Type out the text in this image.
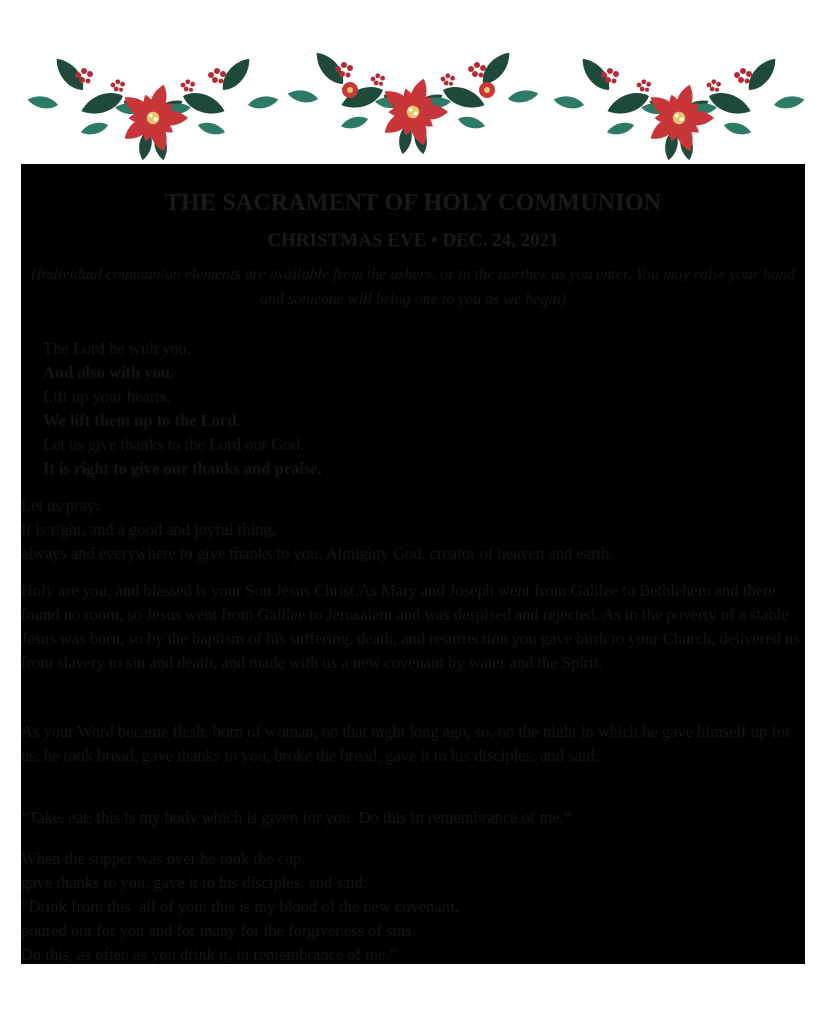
THE SACRAMENT OF HOLY COMMUNION
CHRISTMAS EVE • DEC. 24, 2021

(Individual communion elements are available from the ushers, or in the narthex as you enter. You may raise your hand and someone will bring one to you as we begin)

The Lord be with you.

And also with you.

Lift up your hearts.

We lift them up to the Lord.

Let us give thanks to the Lord our God.

It is right to give our thanks and praise.

Let us pray:
It is right, and a good and joyful thing,
always and everywhere to give thanks to you, Almighty God, creator of heaven and earth.

Holy are you, and blessed is your Son Jesus Christ.As Mary and Joseph went from Galilee to Bethlehem and there found no room, so Jesus went from Galilee to Jerusalem and was despised and rejected. As in the poverty of a stable Jesus was born, so by the baptism of his suffering, death, and resurrection you gave birth to your Church, delivered us from slavery to sin and death, and made with us a new covenant by water and the Spirit.

As your Word became flesh, born of woman, on that night long ago, so, on the night in which he gave himself up for us, he took bread, gave thanks to you, broke the bread, gave it to his disciples, and said:

“Take, eat; this is my body which is given for you. Do this in remembrance of me.”

When the supper was over he took the cup,
gave thanks to you, gave it to his disciples, and said:
“Drink from this, all of you; this is my blood of the new covenant,
poured out for you and for many for the forgiveness of sins.
Do this, as often as you drink it, in remembrance of me.”
